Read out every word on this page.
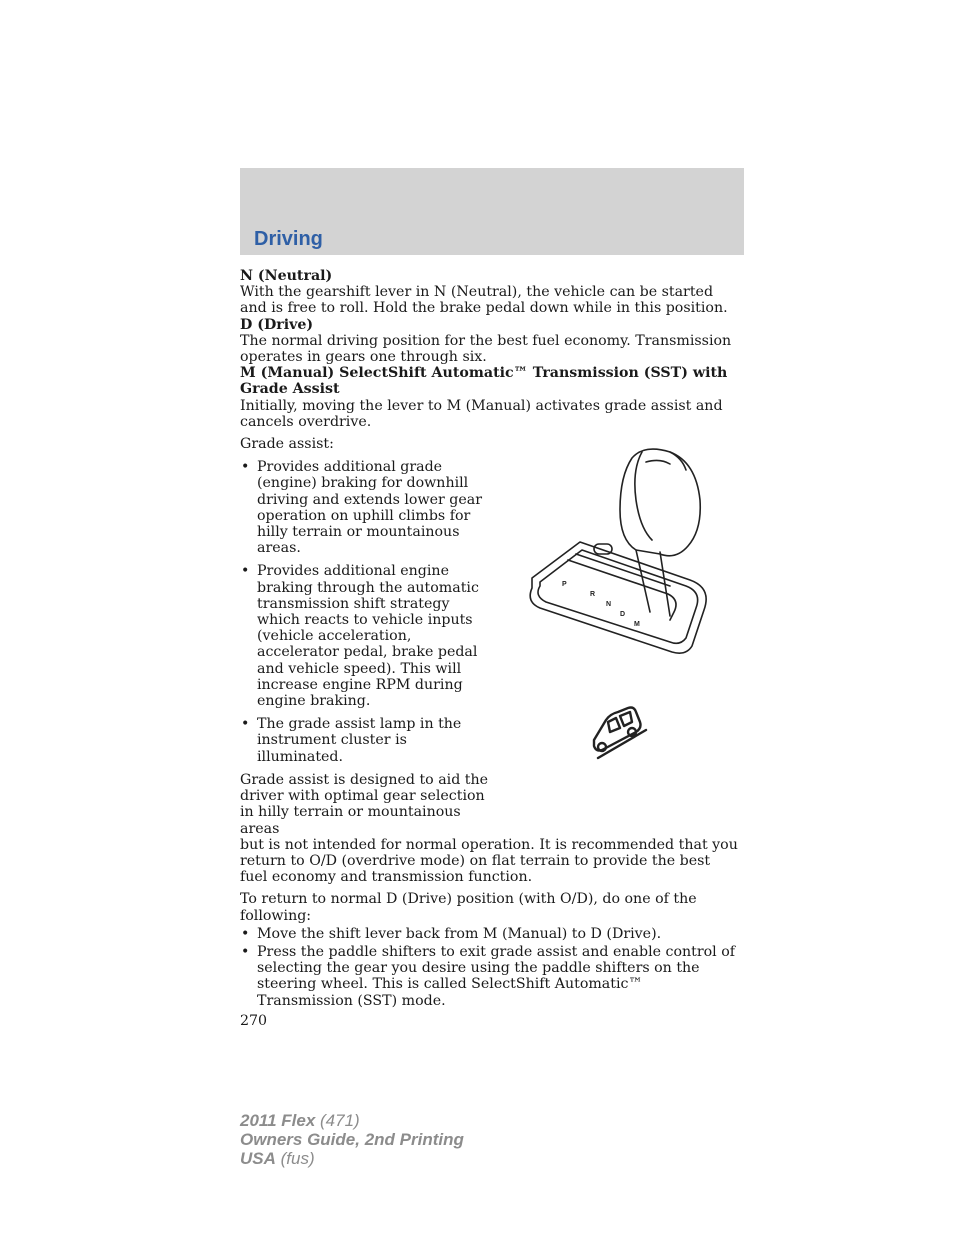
Driving

N (Neutral)

With the gearshift lever in N (Neutral), the vehicle can be started and is free to roll. Hold the brake pedal down while in this position.

D (Drive)

The normal driving position for the best fuel economy. Transmission operates in gears one through six.

M (Manual) SelectShift Automatic™ Transmission (SST) with Grade Assist

Initially, moving the lever to M (Manual) activates grade assist and cancels overdrive.

Grade assist:

• Provides additional grade (engine) braking for downhill driving and extends lower gear operation on uphill climbs for hilly terrain or mountainous areas.
• Provides additional engine braking through the automatic transmission shift strategy which reacts to vehicle inputs (vehicle acceleration, accelerator pedal, brake pedal and vehicle speed). This will increase engine RPM during engine braking.
• The grade assist lamp in the instrument cluster is illuminated.

Grade assist is designed to aid the driver with optimal gear selection in hilly terrain or mountainous areas

but is not intended for normal operation. It is recommended that you return to O/D (overdrive mode) on flat terrain to provide the best fuel economy and transmission function.

To return to normal D (Drive) position (with O/D), do one of the following:

• Move the shift lever back from M (Manual) to D (Drive).
• Press the paddle shifters to exit grade assist and enable control of selecting the gear you desire using the paddle shifters on the steering wheel. This is called SelectShift Automatic™ Transmission (SST) mode.

270

P
R
N
D
M
2011 Flex (471)
Owners Guide, 2nd Printing
USA (fus)
